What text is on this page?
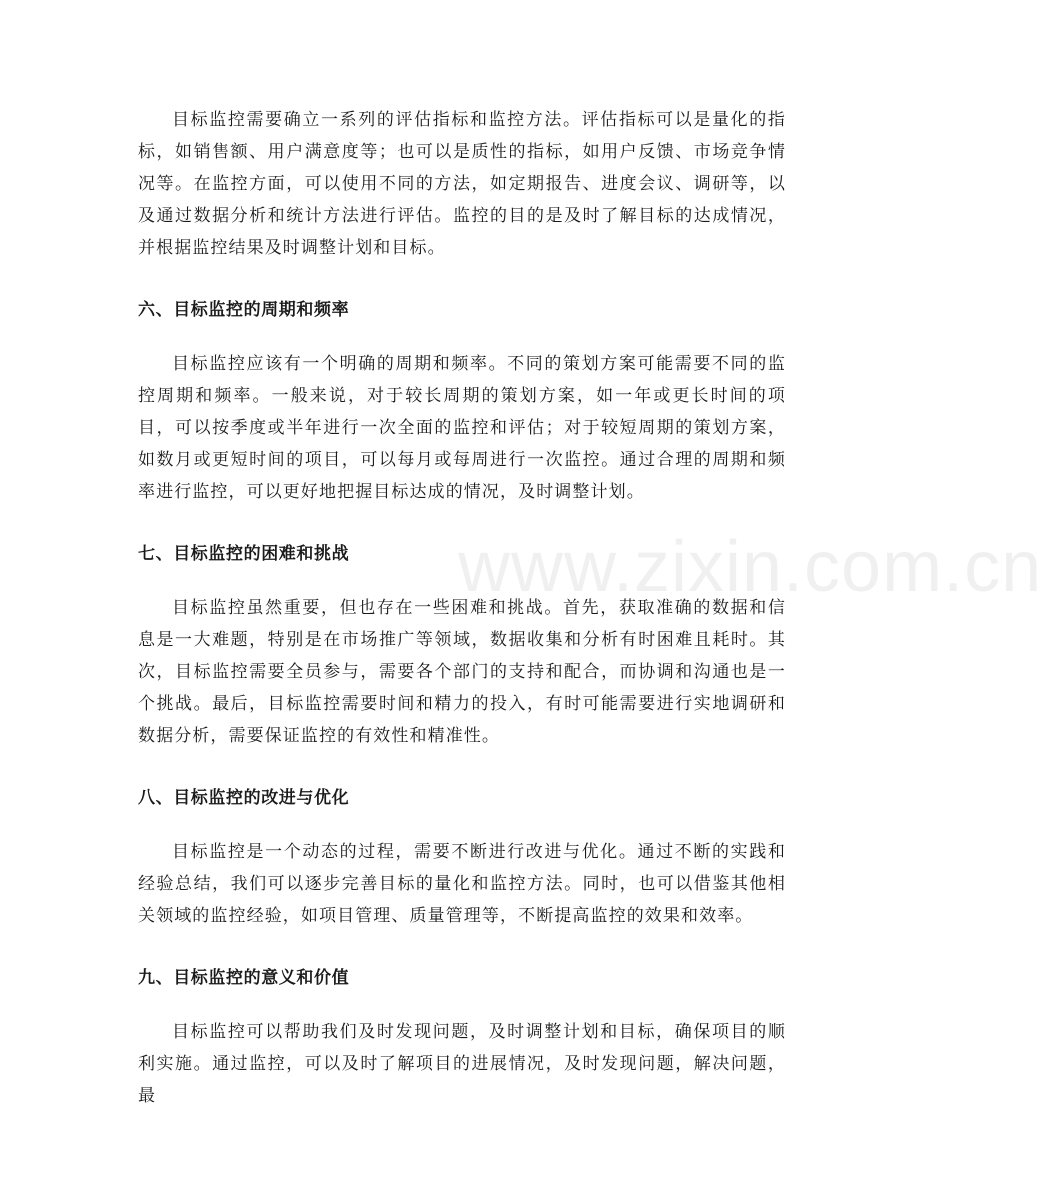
目标监控需要确立一系列的评估指标和监控方法。评估指标可以是量化的指标，如销售额、用户满意度等；也可以是质性的指标，如用户反馈、市场竞争情况等。在监控方面，可以使用不同的方法，如定期报告、进度会议、调研等，以及通过数据分析和统计方法进行评估。监控的目的是及时了解目标的达成情况，并根据监控结果及时调整计划和目标。

六、目标监控的周期和频率

目标监控应该有一个明确的周期和频率。不同的策划方案可能需要不同的监控周期和频率。一般来说，对于较长周期的策划方案，如一年或更长时间的项目，可以按季度或半年进行一次全面的监控和评估；对于较短周期的策划方案，如数月或更短时间的项目，可以每月或每周进行一次监控。通过合理的周期和频率进行监控，可以更好地把握目标达成的情况，及时调整计划。

七、目标监控的困难和挑战

目标监控虽然重要，但也存在一些困难和挑战。首先，获取准确的数据和信息是一大难题，特别是在市场推广等领域，数据收集和分析有时困难且耗时。其次，目标监控需要全员参与，需要各个部门的支持和配合，而协调和沟通也是一个挑战。最后，目标监控需要时间和精力的投入，有时可能需要进行实地调研和数据分析，需要保证监控的有效性和精准性。

八、目标监控的改进与优化

目标监控是一个动态的过程，需要不断进行改进与优化。通过不断的实践和经验总结，我们可以逐步完善目标的量化和监控方法。同时，也可以借鉴其他相关领域的监控经验，如项目管理、质量管理等，不断提高监控的效果和效率。

九、目标监控的意义和价值

目标监控可以帮助我们及时发现问题，及时调整计划和目标，确保项目的顺利实施。通过监控，可以及时了解项目的进展情况，及时发现问题，解决问题，最

www.zixin.com.cn
